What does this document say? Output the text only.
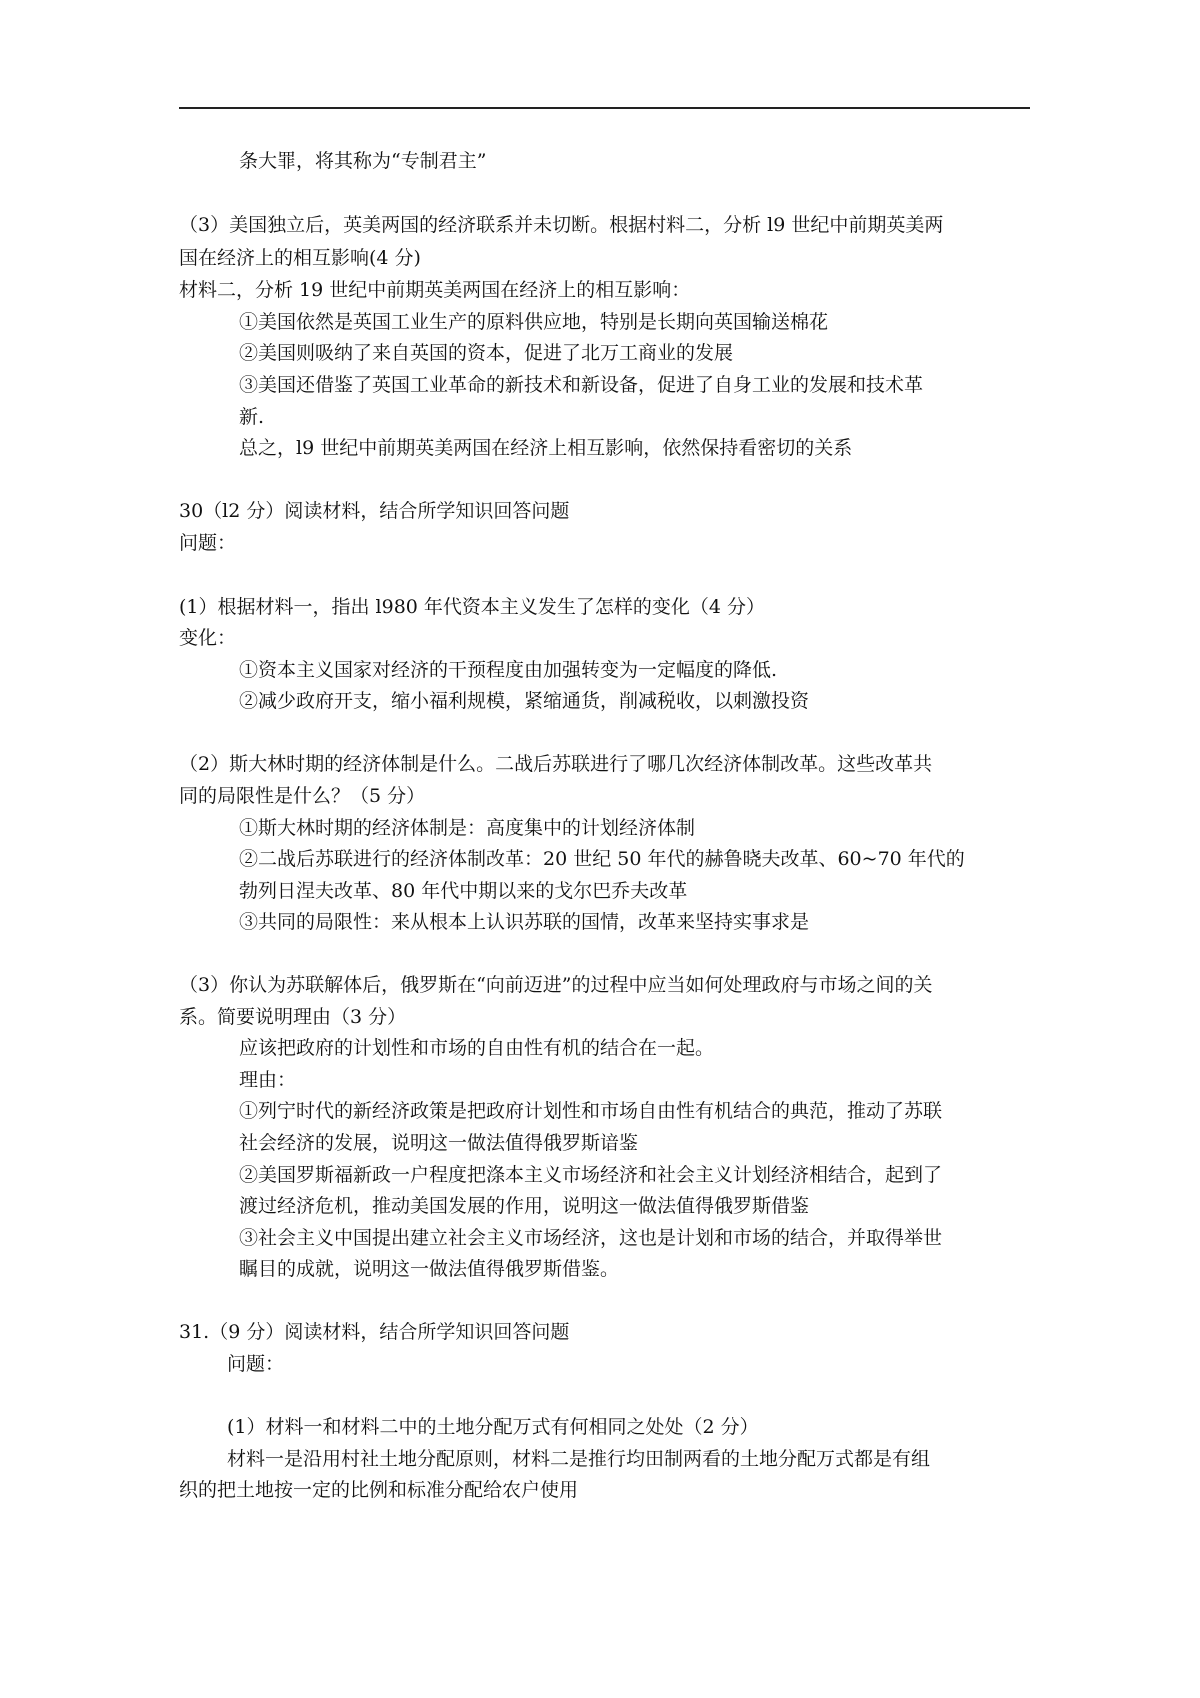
条大罪，将其称为“专制君主”

（3）美国独立后，英美两国的经济联系并未切断。根据村料二，分析 l9 世纪中前期英美两

国在经济上的相互影响(4 分)

材料二，分析 19 世纪中前期英美两国在经济上的相互影响：

①美国依然是英国工业生产的原料供应地，特别是长期向英国输送棉花

②美国则吸纳了来自英国的资本，促进了北万工商业的发展

③美国还借鉴了英国工业革命的新技术和新设备，促进了自身工业的发展和技术革

新.

总之，l9 世纪中前期英美两国在经济上相互影响，依然保持看密切的关系

30（l2 分）阅读材料，结合所学知识回答问题

问题：

(1）根据材料一，指出 l980 年代资本主义发生了怎样的变化（4 分）

变化：

①资本主义国家对经济的干预程度由加强转变为一定幅度的降低.

②减少政府开支，缩小福利规模，紧缩通货，削减税收，以刺激投资

（2）斯大林时期的经济体制是什么。二战后苏联进行了哪几次经济体制改革。这些改革共

同的局限性是什么？（5 分）

①斯大林时期的经济体制是：高度集中的计划经济体制

②二战后苏联进行的经济体制改革：20 世纪 50 年代的赫鲁晓夫改革、60~70 年代的

勃列日涅夫改革、80 年代中期以来的戈尔巴乔夫改革

③共同的局限性：来从根本上认识苏联的国情，改革来坚持实事求是

（3）你认为苏联解体后，俄罗斯在“向前迈进”的过程中应当如何处理政府与市场之间的关

系。简要说明理由（3 分）

应该把政府的计划性和市场的自由性有机的结合在一起。

理由：

①列宁时代的新经济政策是把政府计划性和市场自由性有机结合的典范，推动了苏联

社会经济的发展，说明这一做法值得俄罗斯谙鉴

②美国罗斯福新政一户程度把涤本主义市场经济和社会主义计划经济相结合，起到了

渡过经济危机，推动美国发展的作用，说明这一做法值得俄罗斯借鉴

③社会主义中国提出建立社会主义市场经济，这也是计划和市场的结合，并取得举世

瞩目的成就，说明这一做法值得俄罗斯借鉴。

31.（9 分）阅读材料，结合所学知识回答问题

问题：

(1）材料一和材料二中的土地分配万式有何相同之处处（2 分）

材料一是沿用村社土地分配原则，材料二是推行均田制两看的土地分配万式都是有组

织的把土地按一定的比例和标准分配给农户使用
